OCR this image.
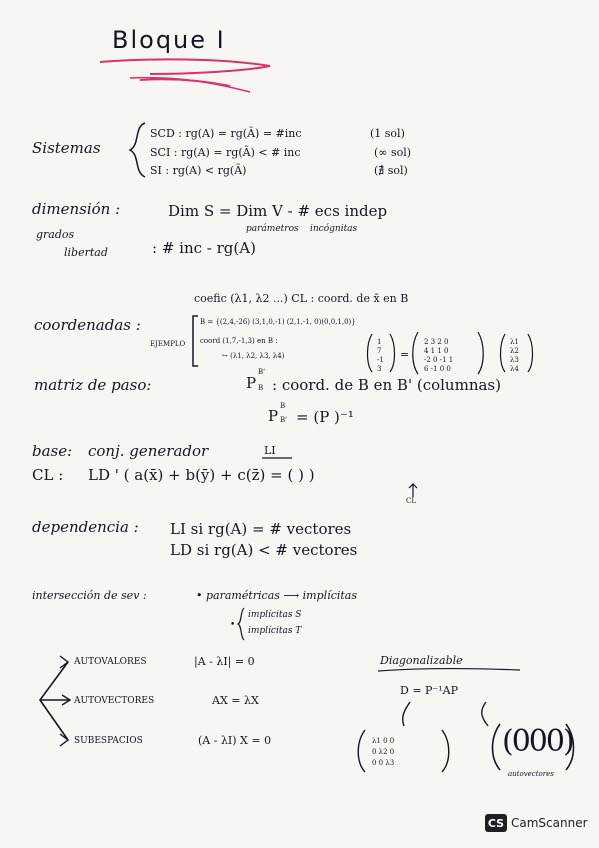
Bloque I
Sistemas
SCD : rg(A) = rg(Ã) = #inc	(1 sol)
SCI : rg(A) = rg(Ã) < # inc	(∞ sol)
SI : rg(A) < rg(Ã)	(∄ sol)
dimensión :	Dim S = Dim V - # ecs indep
parámetros incógnitas
grados
libertad	: # inc - rg(A)
coefic (λ1, λ2 ...) CL : coord. de x̄ en B
coordenadas :	B = {(2,4,-26) (3,1,0,-1) (2,1,-1, 0)(0,0,1,0)}
EJEMPLO coord (1,7,-1,3) en B :
↪ (λ1, λ2, λ3, λ4)
1
7
-1
3
=
2 3 2 0
4 1 1 0
-2 0 -1 1
6 -1 0 0
λ1
λ2
λ3
λ4
matriz de paso:	P
B'
B : coord. de B en B' (columnas)
P
B
B' = (P )⁻¹
base: conj. generador	LI
CL : LD ' ( a(x̄) + b(ȳ) + c(z̄) = ( ) )
CL
dependencia : LI si rg(A) = # vectores
LD si rg(A) < # vectores
intersección de sev :	• paramétricas ⟶ implícitas
•
implícitas S
implícitas T
AUTOVALORES	|A - λI| = 0
AUTOVECTORES	AX = λX
SUBESPACIOS	(A - λI) X = 0
Diagonalizable
D = P⁻¹AP
λ1 0 0
0 λ2 0
0 0 λ3
(000)
autovectores
CS CamScanner
